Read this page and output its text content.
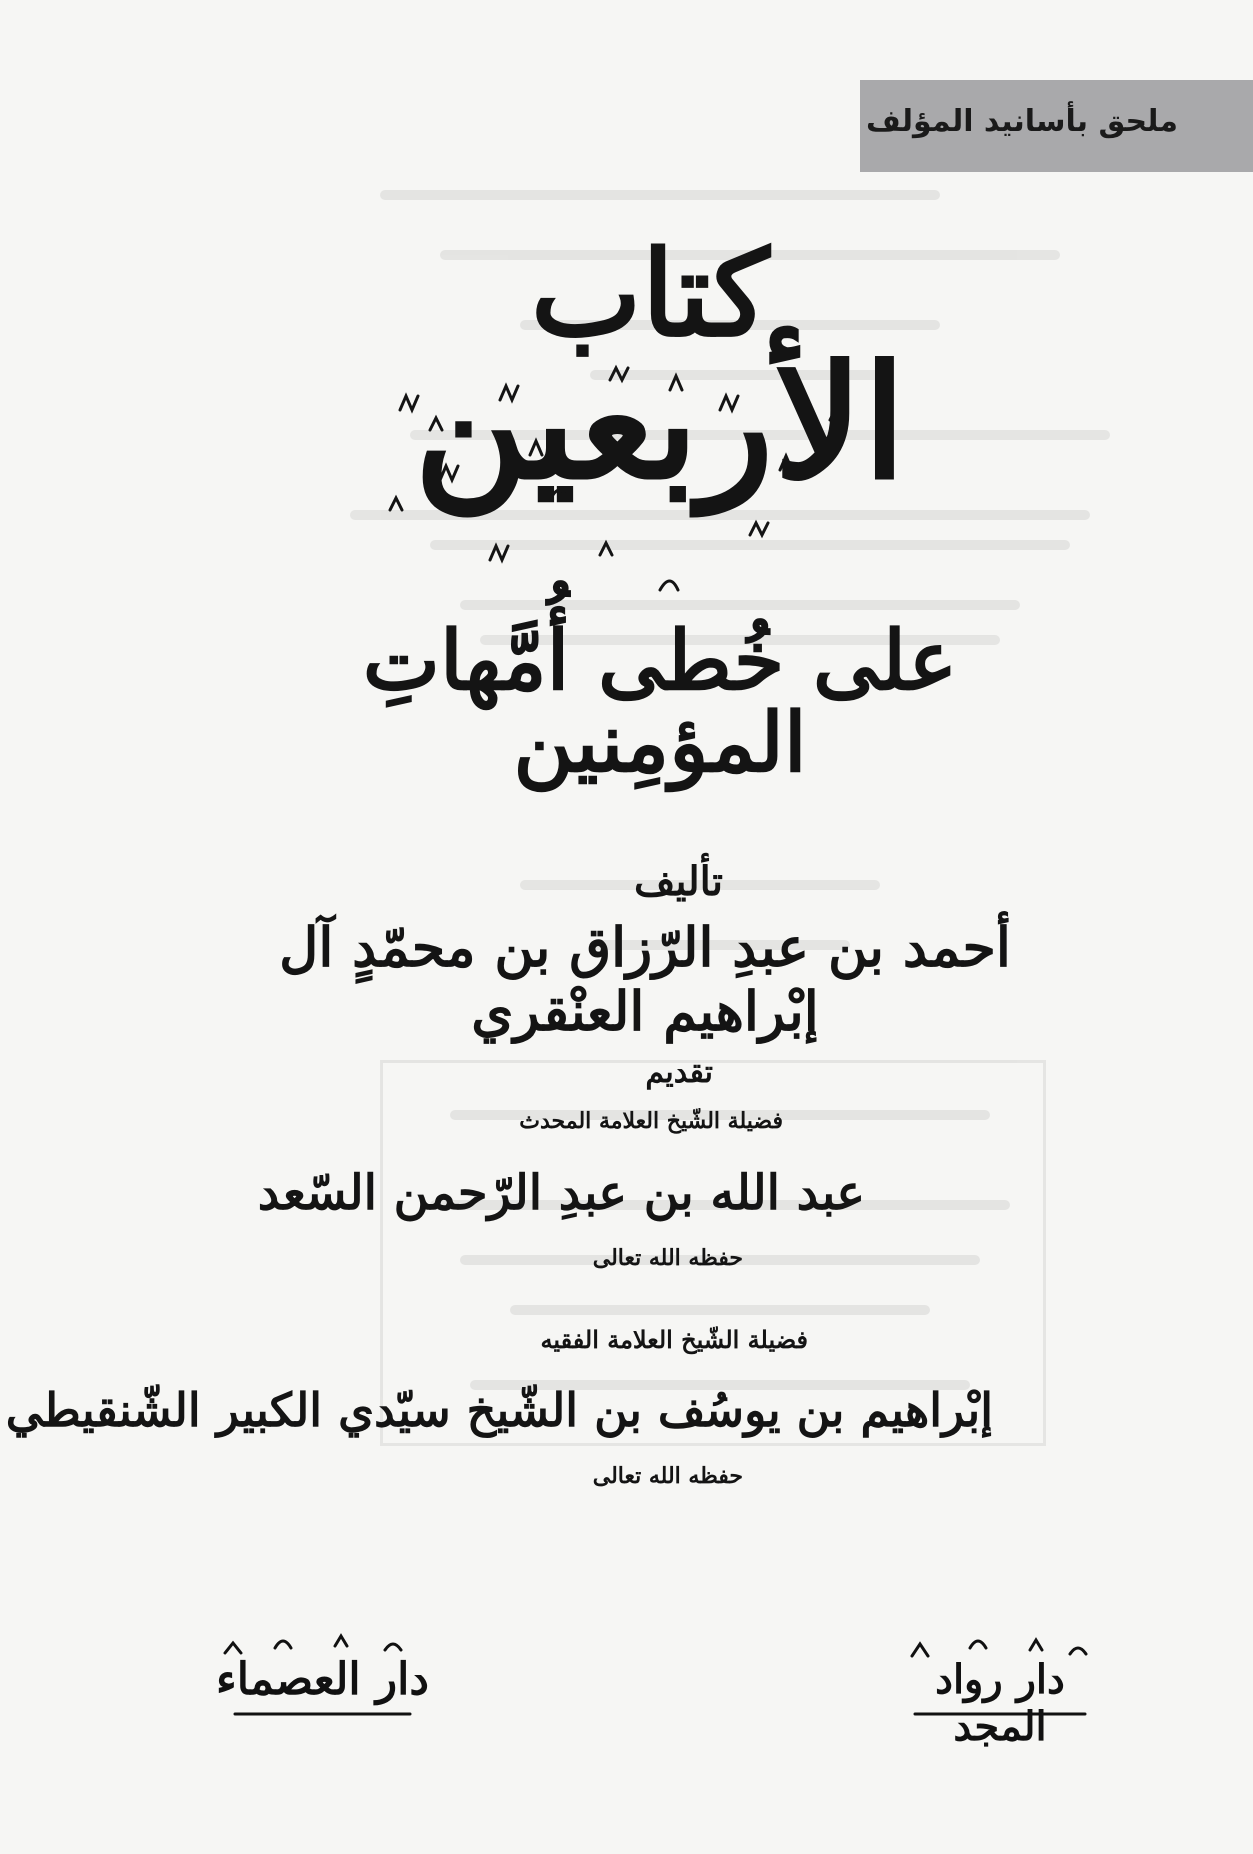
ملحق بأسانيد المؤلف
كتاب
الأربعين
على خُطى أُمَّهاتِ المؤمِنين
تأليف
أحمد بن عبدِ الرّزاق بن محمّدٍ آل إبْراهيم العنْقري
تقديم
فضيلة الشّيخ العلامة المحدث
عبد الله بن عبدِ الرّحمن السّعد
حفظه الله تعالى
فضيلة الشّيخ العلامة الفقيه
إبْراهيم بن يوسُف بن الشّيخ سيّدي الكبير الشّنقيطي
حفظه الله تعالى
دار العصماء	دار رواد المجد
